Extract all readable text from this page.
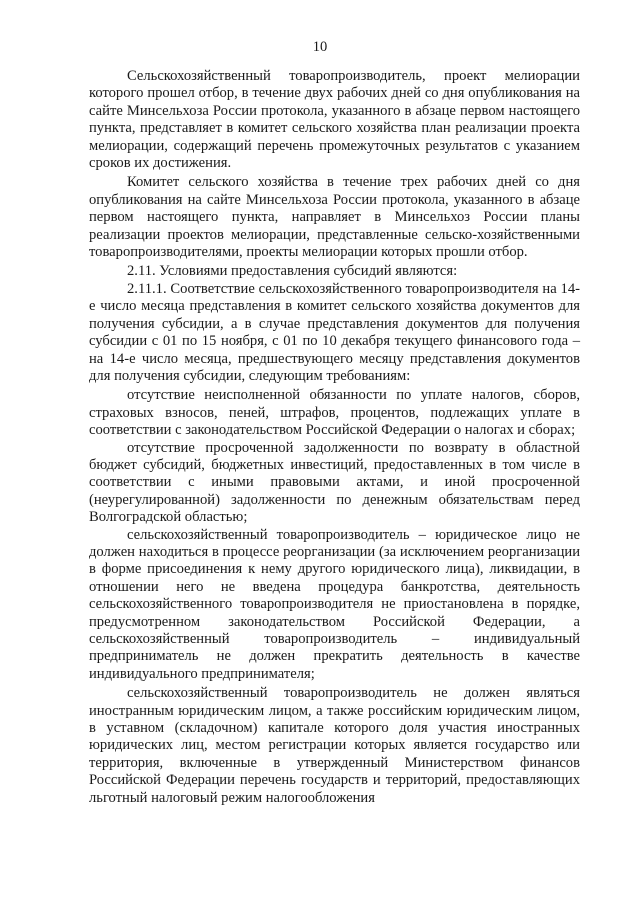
10

Сельскохозяйственный товаропроизводитель, проект мелиорации которого прошел отбор, в течение двух рабочих дней со дня опубликования на сайте Минсельхоза России протокола, указанного в абзаце первом настоящего пункта, представляет в комитет сельского хозяйства план реализации проекта мелиорации, содержащий перечень промежуточных результатов с указанием сроков их достижения.

Комитет сельского хозяйства в течение трех рабочих дней со дня опубликования на сайте Минсельхоза России протокола, указанного в абзаце первом настоящего пункта, направляет в Минсельхоз России планы реализации проектов мелиорации, представленные сельско-хозяйственными товаропроизводителями, проекты мелиорации которых прошли отбор.

2.11. Условиями предоставления субсидий являются:

2.11.1. Соответствие сельскохозяйственного товаропроизводителя на 14-е число месяца представления в комитет сельского хозяйства документов для получения субсидии, а в случае представления документов для получения субсидии с 01 по 15 ноября, с 01 по 10 декабря текущего финансового года – на 14-е число месяца, предшествующего месяцу представления документов для получения субсидии, следующим требованиям:

отсутствие неисполненной обязанности по уплате налогов, сборов, страховых взносов, пеней, штрафов, процентов, подлежащих уплате в соответствии с законодательством Российской Федерации о налогах и сборах;

отсутствие просроченной задолженности по возврату в областной бюджет субсидий, бюджетных инвестиций, предоставленных в том числе в соответствии с иными правовыми актами, и иной просроченной (неурегулированной) задолженности по денежным обязательствам перед Волгоградской областью;

сельскохозяйственный товаропроизводитель – юридическое лицо не должен находиться в процессе реорганизации (за исключением реорганизации в форме присоединения к нему другого юридического лица), ликвидации, в отношении него не введена процедура банкротства, деятельность сельскохозяйственного товаропроизводителя не приостановлена в порядке, предусмотренном законодательством Российской Федерации, а сельскохозяйственный товаропроизводитель – индивидуальный предприниматель не должен прекратить деятельность в качестве индивидуального предпринимателя;

сельскохозяйственный товаропроизводитель не должен являться иностранным юридическим лицом, а также российским юридическим лицом, в уставном (складочном) капитале которого доля участия иностранных юридических лиц, местом регистрации которых является государство или территория, включенные в утвержденный Министерством финансов Российской Федерации перечень государств и территорий, предоставляющих льготный налоговый режим налогообложения
